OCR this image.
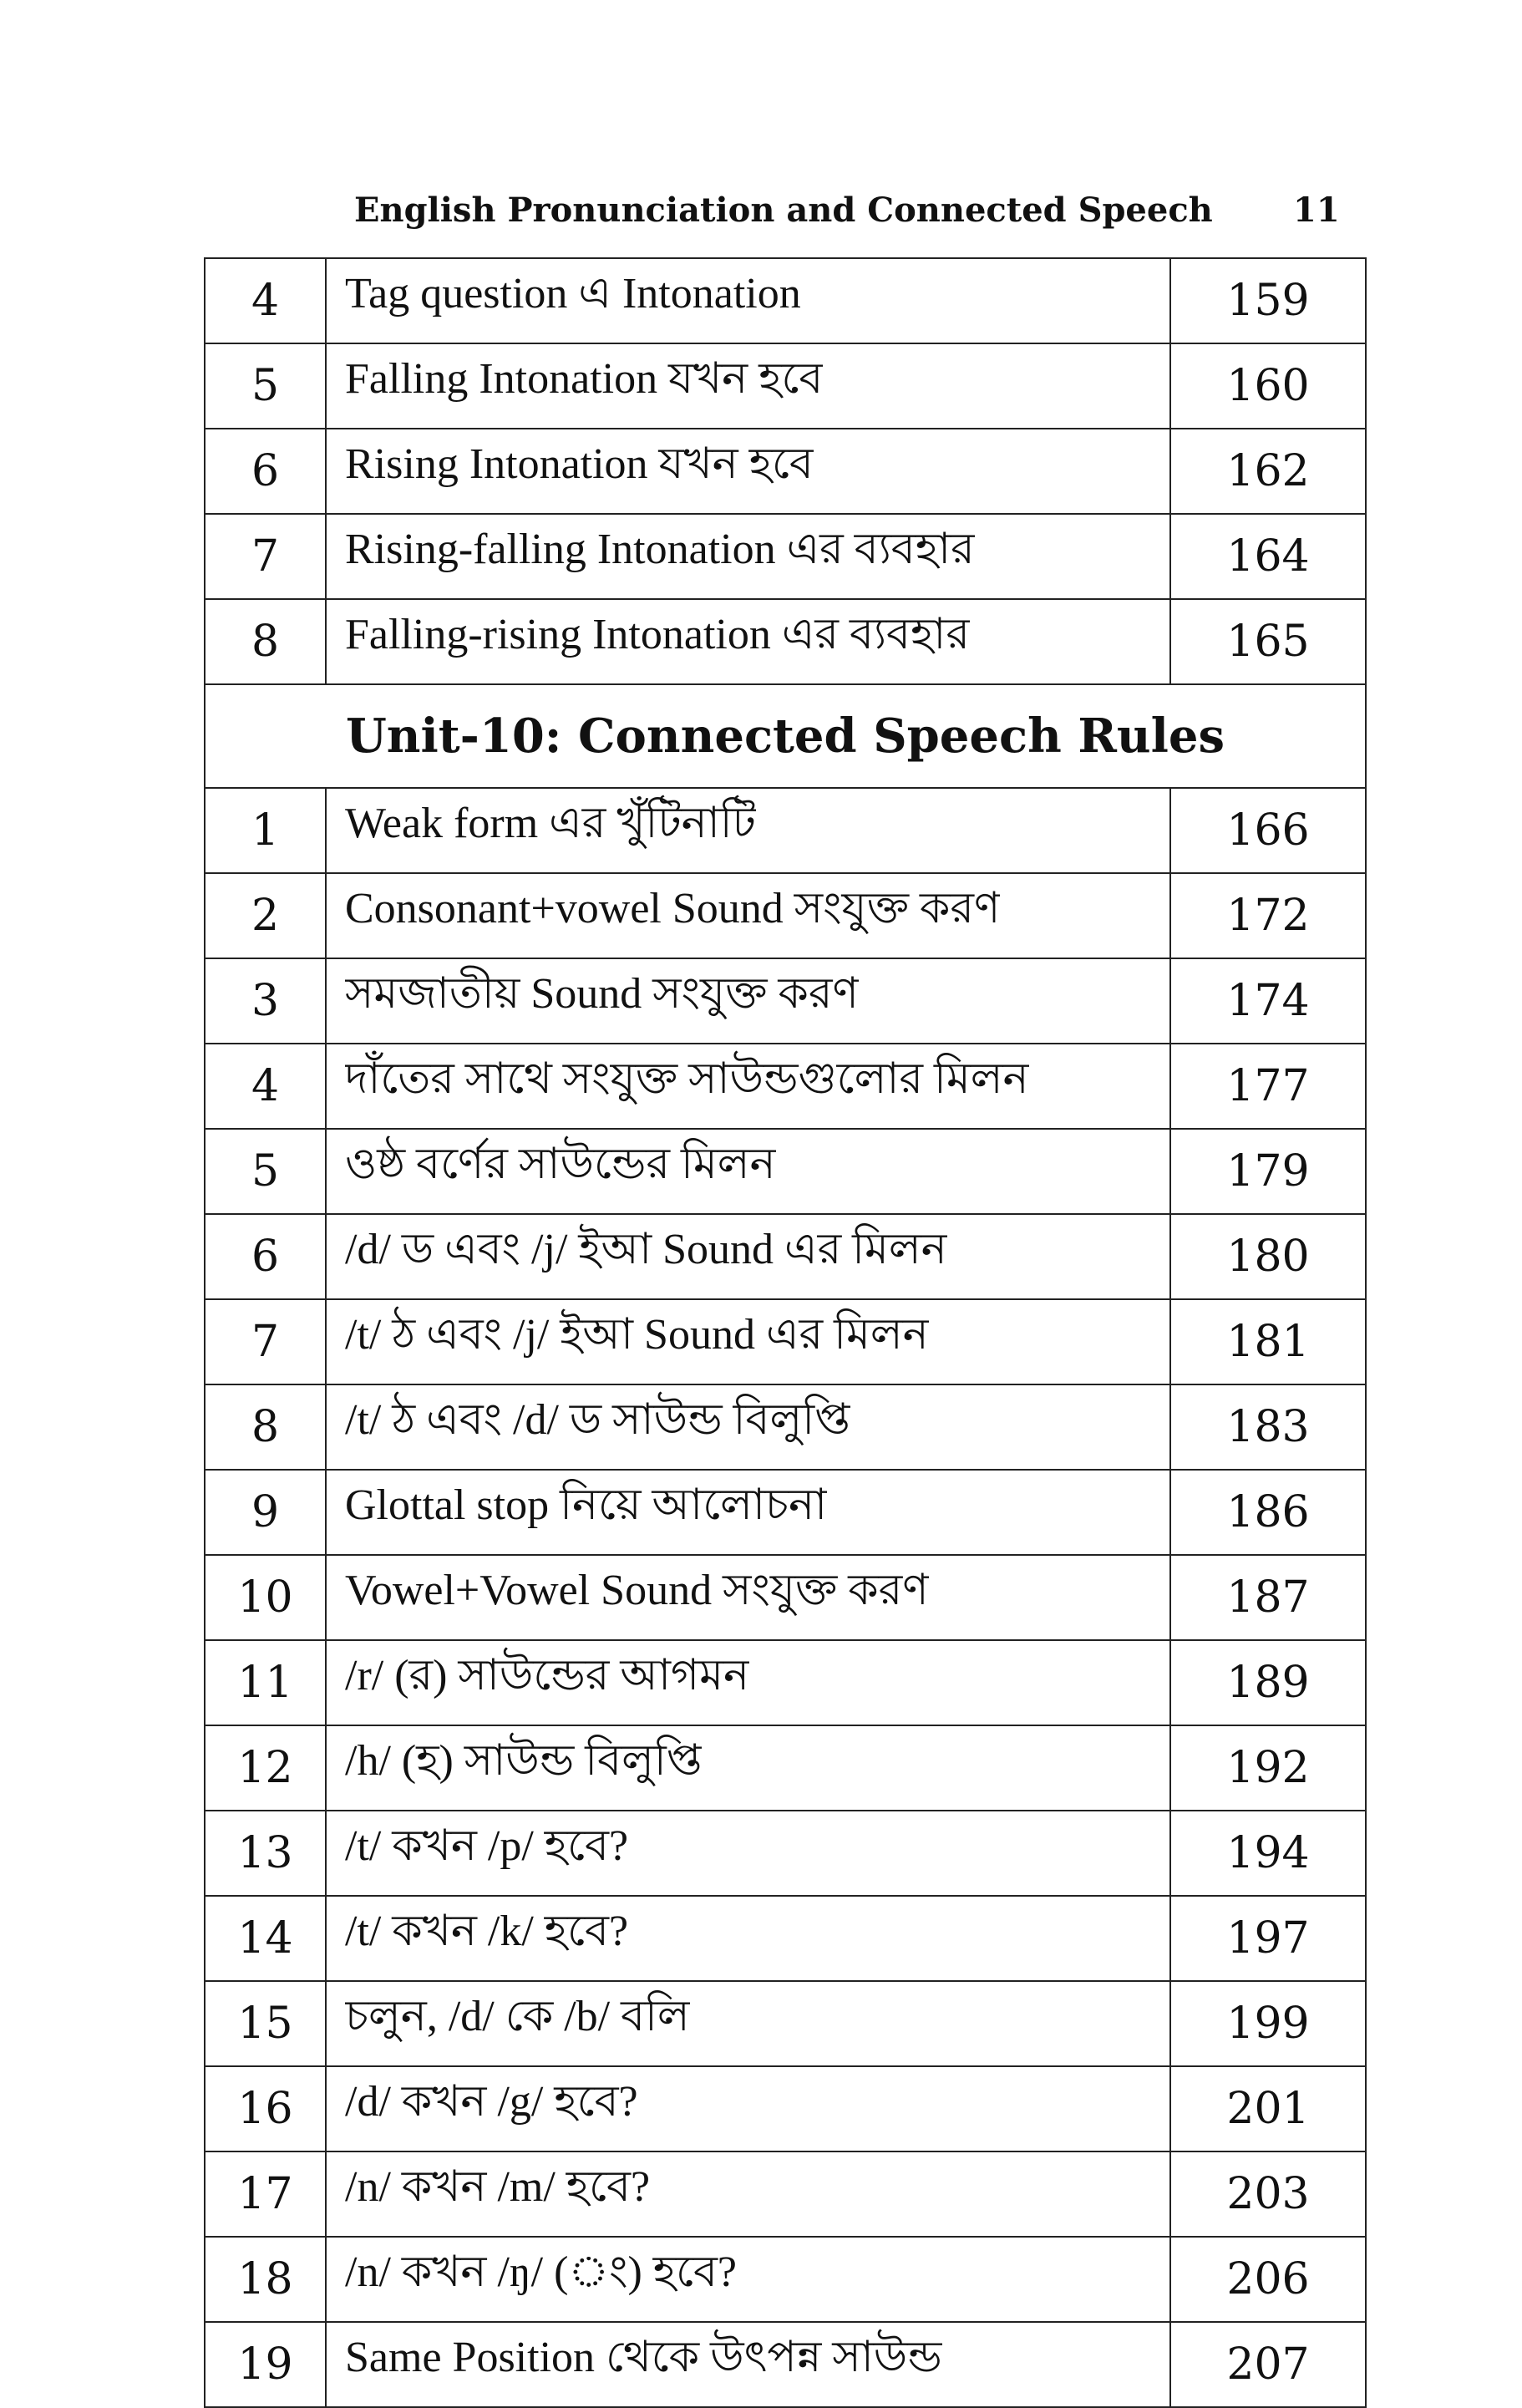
English Pronunciation and Connected Speech 11
4	Tag question এ Intonation	159
5	Falling Intonation যখন হবে	160
6	Rising Intonation যখন হবে	162
7	Rising-falling Intonation এর ব্যবহার	164
8	Falling-rising Intonation এর ব্যবহার	165
Unit-10: Connected Speech Rules		
1	Weak form এর খুঁটিনাটি	166
2	Consonant+vowel Sound সংযুক্ত করণ	172
3	সমজাতীয় Sound সংযুক্ত করণ	174
4	দাঁতের সাথে সংযুক্ত সাউন্ডগুলোর মিলন	177
5	ওষ্ঠ বর্ণের সাউন্ডের মিলন	179
6	/d/ ড এবং /j/ ইআ Sound এর মিলন	180
7	/t/ ঠ এবং /j/ ইআ Sound এর মিলন	181
8	/t/ ঠ এবং /d/ ড সাউন্ড বিলুপ্তি	183
9	Glottal stop নিয়ে আলোচনা	186
10	Vowel+Vowel Sound সংযুক্ত করণ	187
11	/r/ (র) সাউন্ডের আগমন	189
12	/h/ (হ) সাউন্ড বিলুপ্তি	192
13	/t/ কখন /p/ হবে?	194
14	/t/ কখন /k/ হবে?	197
15	চলুন, /d/ কে /b/ বলি	199
16	/d/ কখন /g/ হবে?	201
17	/n/ কখন /m/ হবে?	203
18	/n/ কখন /ŋ/ (ং) হবে?	206
19	Same Position থেকে উৎপন্ন সাউন্ড	207
